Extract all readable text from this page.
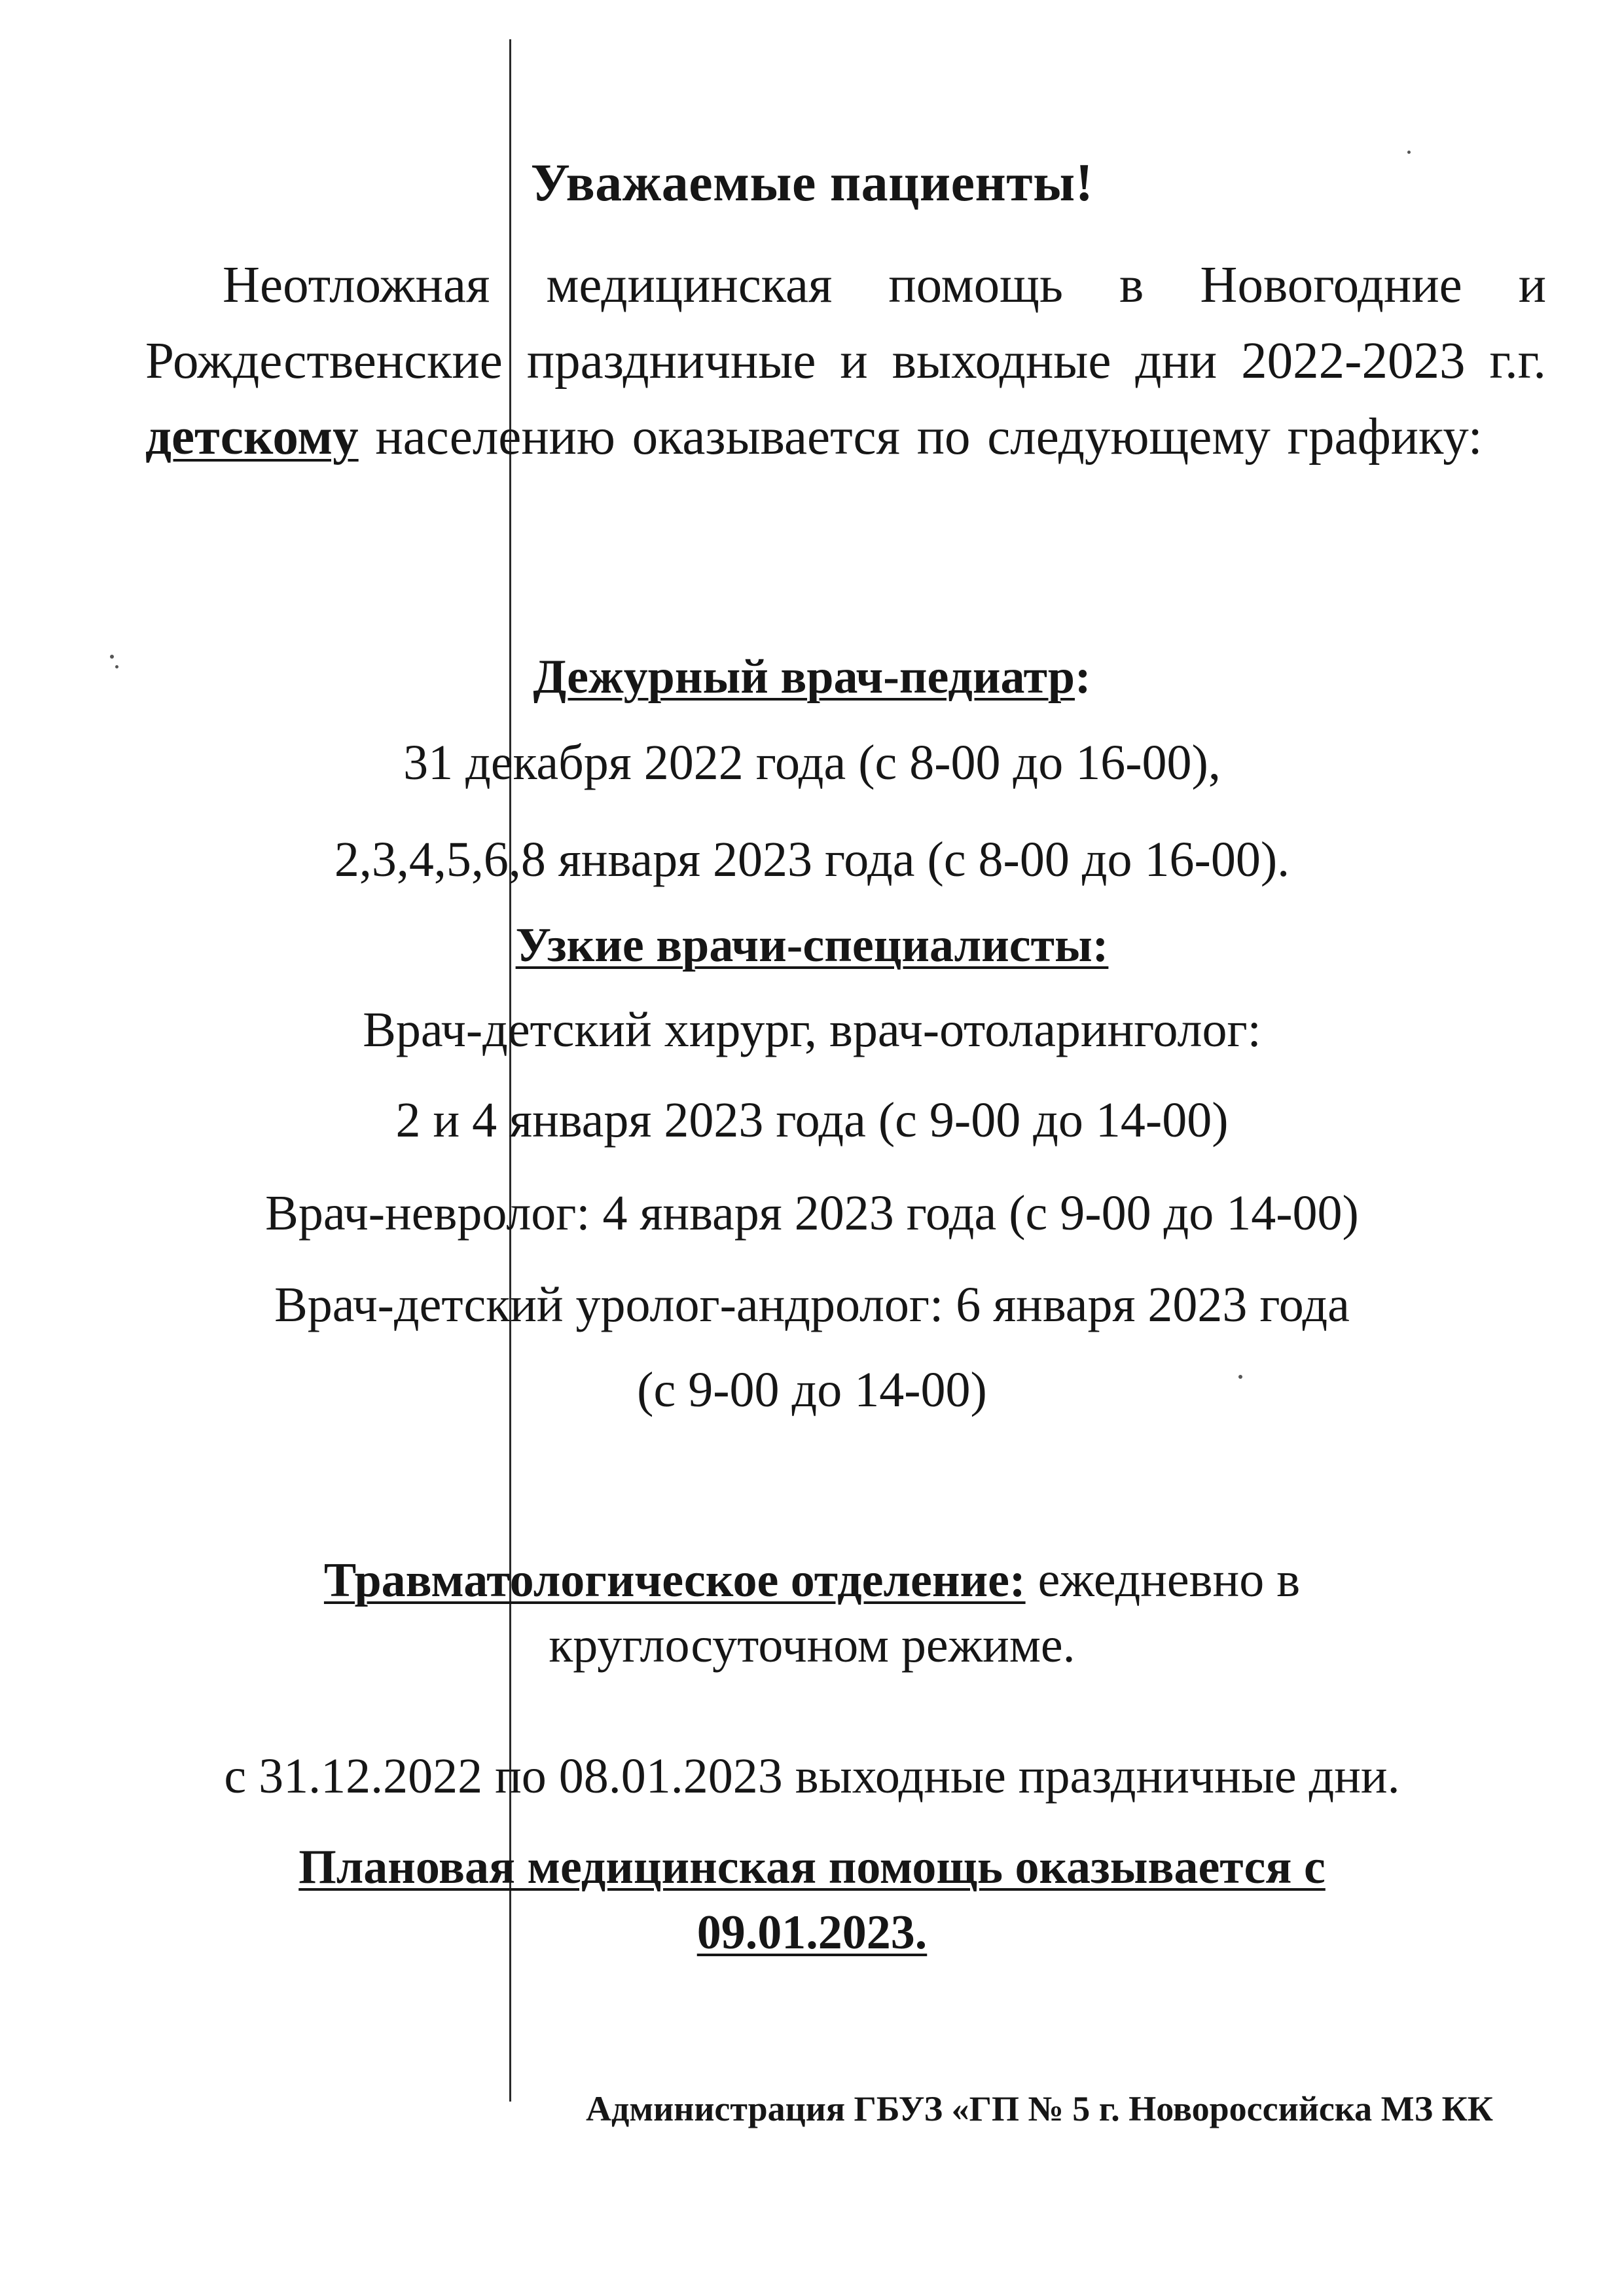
Уважаемые пациенты!

Неотложная медицинская помощь в Новогодние и Рождественские праздничные и выходные дни 2022-2023 г.г. детскому населению оказывается по следующему графику:

Дежурный врач-педиатр:

31 декабря 2022 года (с 8-00 до 16-00),

2,3,4,5,6,8 января 2023 года (с 8-00 до 16-00).

Узкие врачи-специалисты:

Врач-детский хирург, врач-отоларинголог:

2 и 4 января 2023 года (с 9-00 до 14-00)

Врач-невролог: 4 января 2023 года (с 9-00 до 14-00)

Врач-детский уролог-андролог: 6 января 2023 года

(с 9-00 до 14-00)

Травматологическое отделение: ежедневно в

круглосуточном режиме.

с 31.12.2022 по 08.01.2023 выходные праздничные дни.

Плановая медицинская помощь оказывается с

09.01.2023.

Администрация ГБУЗ «ГП № 5 г. Новороссийска МЗ КК
